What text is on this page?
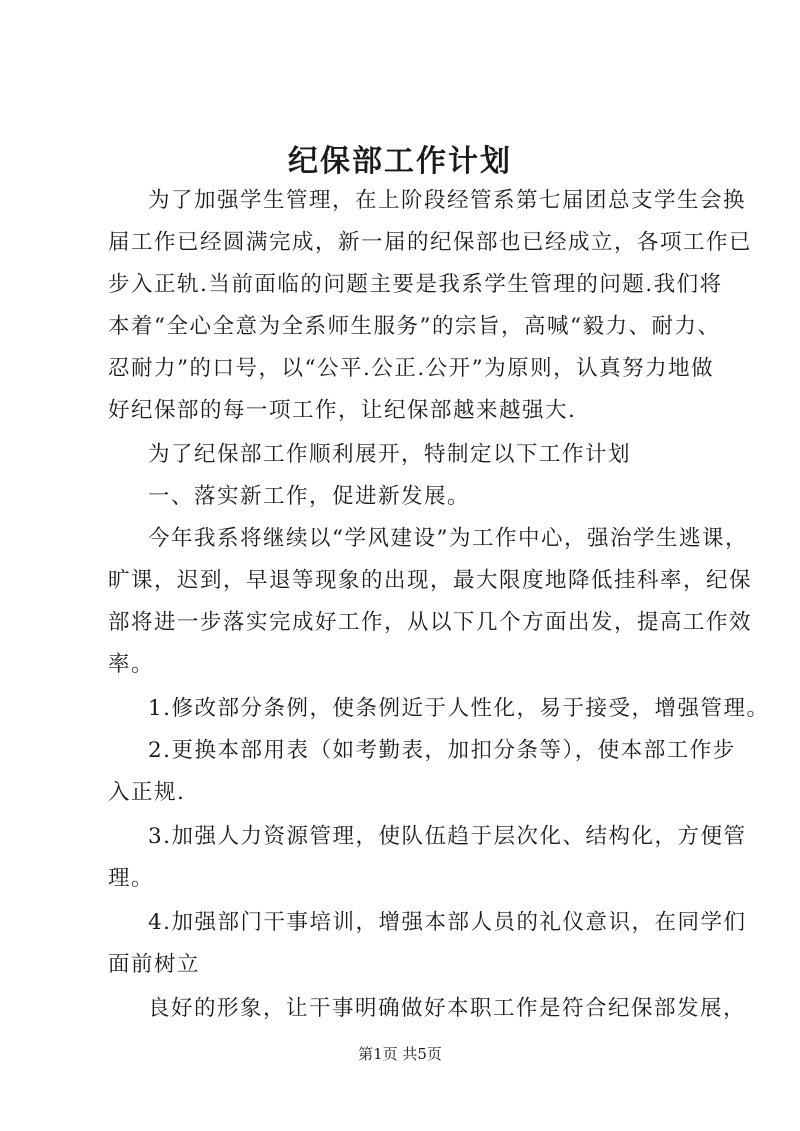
纪保部工作计划
为了加强学生管理，在上阶段经管系第七届团总支学生会换
届工作已经圆满完成，新一届的纪保部也已经成立，各项工作已
步入正轨.当前面临的问题主要是我系学生管理的问题.我们将
本着“全心全意为全系师生服务”的宗旨，高喊“毅力、耐力、
忍耐力”的口号，以“公平.公正.公开”为原则，认真努力地做
好纪保部的每一项工作，让纪保部越来越强大.
为了纪保部工作顺利展开，特制定以下工作计划
一、落实新工作，促进新发展。
今年我系将继续以“学风建设”为工作中心，强治学生逃课，
旷课，迟到，早退等现象的出现，最大限度地降低挂科率，纪保
部将进一步落实完成好工作，从以下几个方面出发，提高工作效
率。
1.修改部分条例，使条例近于人性化，易于接受，增强管理。
2.更换本部用表（如考勤表，加扣分条等），使本部工作步
入正规.
3.加强人力资源管理，使队伍趋于层次化、结构化，方便管
理。
4.加强部门干事培训，增强本部人员的礼仪意识，在同学们
面前树立
第1页 共5页
良好的形象，让干事明确做好本职工作是符合纪保部发展，
